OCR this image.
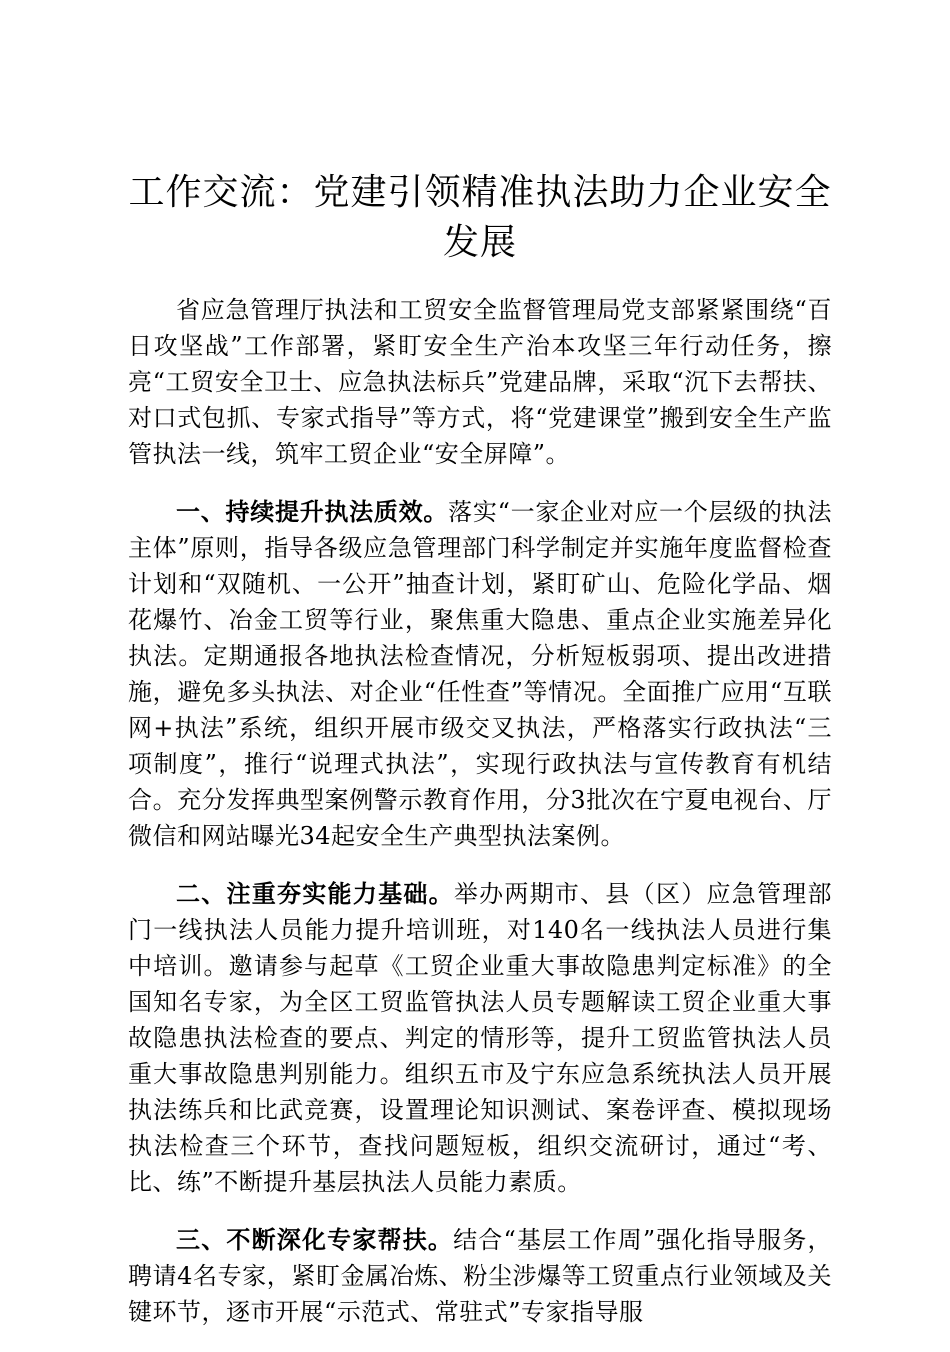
工作交流：党建引领精准执法助力企业安全发展

省应急管理厅执法和工贸安全监督管理局党支部紧紧围绕“百日攻坚战”工作部署，紧盯安全生产治本攻坚三年行动任务，擦亮“工贸安全卫士、应急执法标兵”党建品牌，采取“沉下去帮扶、对口式包抓、专家式指导”等方式，将“党建课堂”搬到安全生产监管执法一线，筑牢工贸企业“安全屏障”。

一、持续提升执法质效。落实“一家企业对应一个层级的执法主体”原则，指导各级应急管理部门科学制定并实施年度监督检查计划和“双随机、一公开”抽查计划，紧盯矿山、危险化学品、烟花爆竹、冶金工贸等行业，聚焦重大隐患、重点企业实施差异化执法。定期通报各地执法检查情况，分析短板弱项、提出改进措施，避免多头执法、对企业“任性查”等情况。全面推广应用“互联网+执法”系统，组织开展市级交叉执法，严格落实行政执法“三项制度”，推行“说理式执法”，实现行政执法与宣传教育有机结合。充分发挥典型案例警示教育作用，分3批次在宁夏电视台、厅微信和网站曝光34起安全生产典型执法案例。

二、注重夯实能力基础。举办两期市、县（区）应急管理部门一线执法人员能力提升培训班，对140名一线执法人员进行集中培训。邀请参与起草《工贸企业重大事故隐患判定标准》的全国知名专家，为全区工贸监管执法人员专题解读工贸企业重大事故隐患执法检查的要点、判定的情形等，提升工贸监管执法人员重大事故隐患判别能力。组织五市及宁东应急系统执法人员开展执法练兵和比武竞赛，设置理论知识测试、案卷评查、模拟现场执法检查三个环节，查找问题短板，组织交流研讨，通过“考、比、练”不断提升基层执法人员能力素质。

三、不断深化专家帮扶。结合“基层工作周”强化指导服务，聘请4名专家，紧盯金属冶炼、粉尘涉爆等工贸重点行业领域及关键环节，逐市开展“示范式、常驻式”专家指导服
